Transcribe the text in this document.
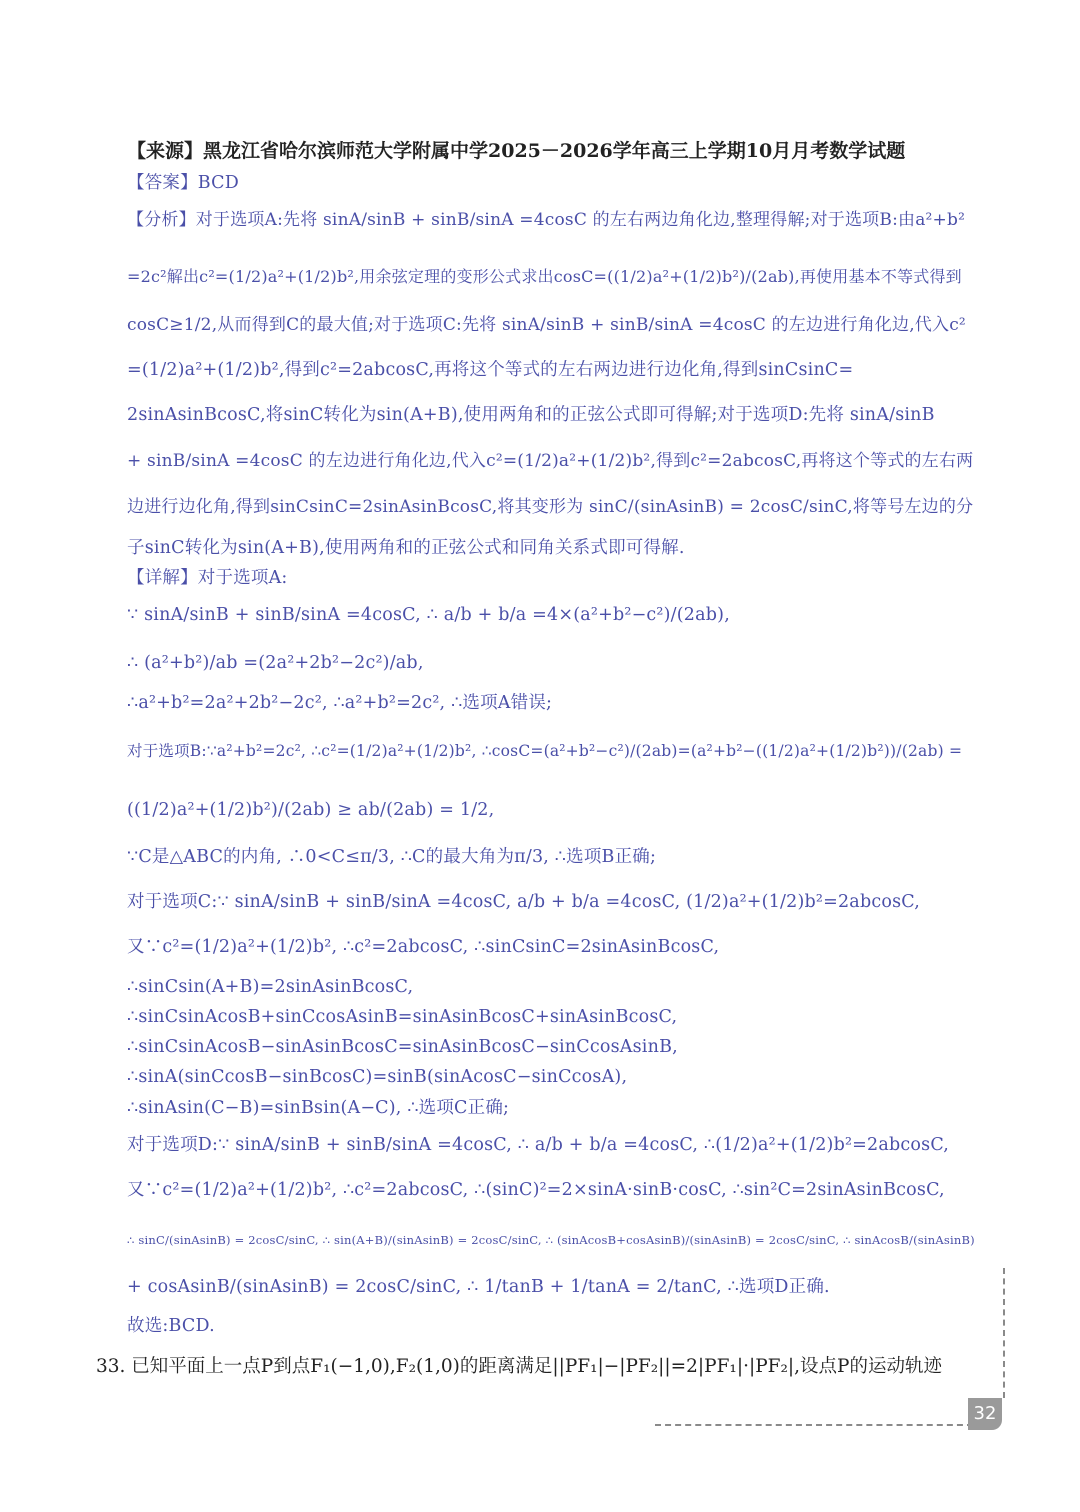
【来源】黑龙江省哈尔滨师范大学附属中学2025－2026学年高三上学期10月月考数学试题
【答案】BCD
【分析】对于选项A:先将 sinA/sinB + sinB/sinA =4cosC 的左右两边角化边,整理得解;对于选项B:由a²+b²
=2c²解出c²=(1/2)a²+(1/2)b²,用余弦定理的变形公式求出cosC=((1/2)a²+(1/2)b²)/(2ab),再使用基本不等式得到
cosC≥1/2,从而得到C的最大值;对于选项C:先将 sinA/sinB + sinB/sinA =4cosC 的左边进行角化边,代入c²
=(1/2)a²+(1/2)b²,得到c²=2abcosC,再将这个等式的左右两边进行边化角,得到sinCsinC=
2sinAsinBcosC,将sinC转化为sin(A+B),使用两角和的正弦公式即可得解;对于选项D:先将 sinA/sinB
+ sinB/sinA =4cosC 的左边进行角化边,代入c²=(1/2)a²+(1/2)b²,得到c²=2abcosC,再将这个等式的左右两
边进行边化角,得到sinCsinC=2sinAsinBcosC,将其变形为 sinC/(sinAsinB) = 2cosC/sinC,将等号左边的分
子sinC转化为sin(A+B),使用两角和的正弦公式和同角关系式即可得解.
【详解】对于选项A:
∵ sinA/sinB + sinB/sinA =4cosC, ∴ a/b + b/a =4×(a²+b²−c²)/(2ab),
∴ (a²+b²)/ab =(2a²+2b²−2c²)/ab,
∴a²+b²=2a²+2b²−2c², ∴a²+b²=2c², ∴选项A错误;
对于选项B:∵a²+b²=2c², ∴c²=(1/2)a²+(1/2)b², ∴cosC=(a²+b²−c²)/(2ab)=(a²+b²−((1/2)a²+(1/2)b²))/(2ab) =
((1/2)a²+(1/2)b²)/(2ab) ≥ ab/(2ab) = 1/2,
∵C是△ABC的内角, ∴0<C≤π/3, ∴C的最大角为π/3, ∴选项B正确;
对于选项C:∵ sinA/sinB + sinB/sinA =4cosC, a/b + b/a =4cosC, (1/2)a²+(1/2)b²=2abcosC,
又∵c²=(1/2)a²+(1/2)b², ∴c²=2abcosC, ∴sinCsinC=2sinAsinBcosC,
∴sinCsin(A+B)=2sinAsinBcosC,
∴sinCsinAcosB+sinCcosAsinB=sinAsinBcosC+sinAsinBcosC,
∴sinCsinAcosB−sinAsinBcosC=sinAsinBcosC−sinCcosAsinB,
∴sinA(sinCcosB−sinBcosC)=sinB(sinAcosC−sinCcosA),
∴sinAsin(C−B)=sinBsin(A−C), ∴选项C正确;
对于选项D:∵ sinA/sinB + sinB/sinA =4cosC, ∴ a/b + b/a =4cosC, ∴(1/2)a²+(1/2)b²=2abcosC,
又∵c²=(1/2)a²+(1/2)b², ∴c²=2abcosC, ∴(sinC)²=2×sinA·sinB·cosC, ∴sin²C=2sinAsinBcosC,
∴ sinC/(sinAsinB) = 2cosC/sinC, ∴ sin(A+B)/(sinAsinB) = 2cosC/sinC, ∴ (sinAcosB+cosAsinB)/(sinAsinB) = 2cosC/sinC, ∴ sinAcosB/(sinAsinB)
+ cosAsinB/(sinAsinB) = 2cosC/sinC, ∴ 1/tanB + 1/tanA = 2/tanC, ∴选项D正确.
故选:BCD.
33. 已知平面上一点P到点F₁(−1,0),F₂(1,0)的距离满足||PF₁|−|PF₂||=2|PF₁|·|PF₂|,设点P的运动轨迹
32
